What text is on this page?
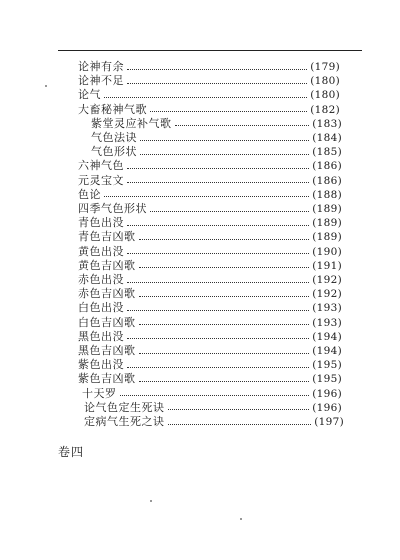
论神有余	(179)
论神不足	(180)
论气	(180)
大畜秘神气歌	(182)
紫堂灵应补气歌	(183)
气色法诀	(184)
气色形状	(185)
六神气色	(186)
元灵宝文	(186)
色论	(188)
四季气色形状	(189)
青色出没	(189)
青色吉凶歌	(189)
黄色出没	(190)
黄色吉凶歌	(191)
赤色出没	(192)
赤色吉凶歌	(192)
白色出没	(193)
白色吉凶歌	(193)
黑色出没	(194)
黑色吉凶歌	(194)
紫色出没	(195)
紫色吉凶歌	(195)
十天罗	(196)
论气色定生死诀	(196)
定病气生死之诀	(197)
卷四
